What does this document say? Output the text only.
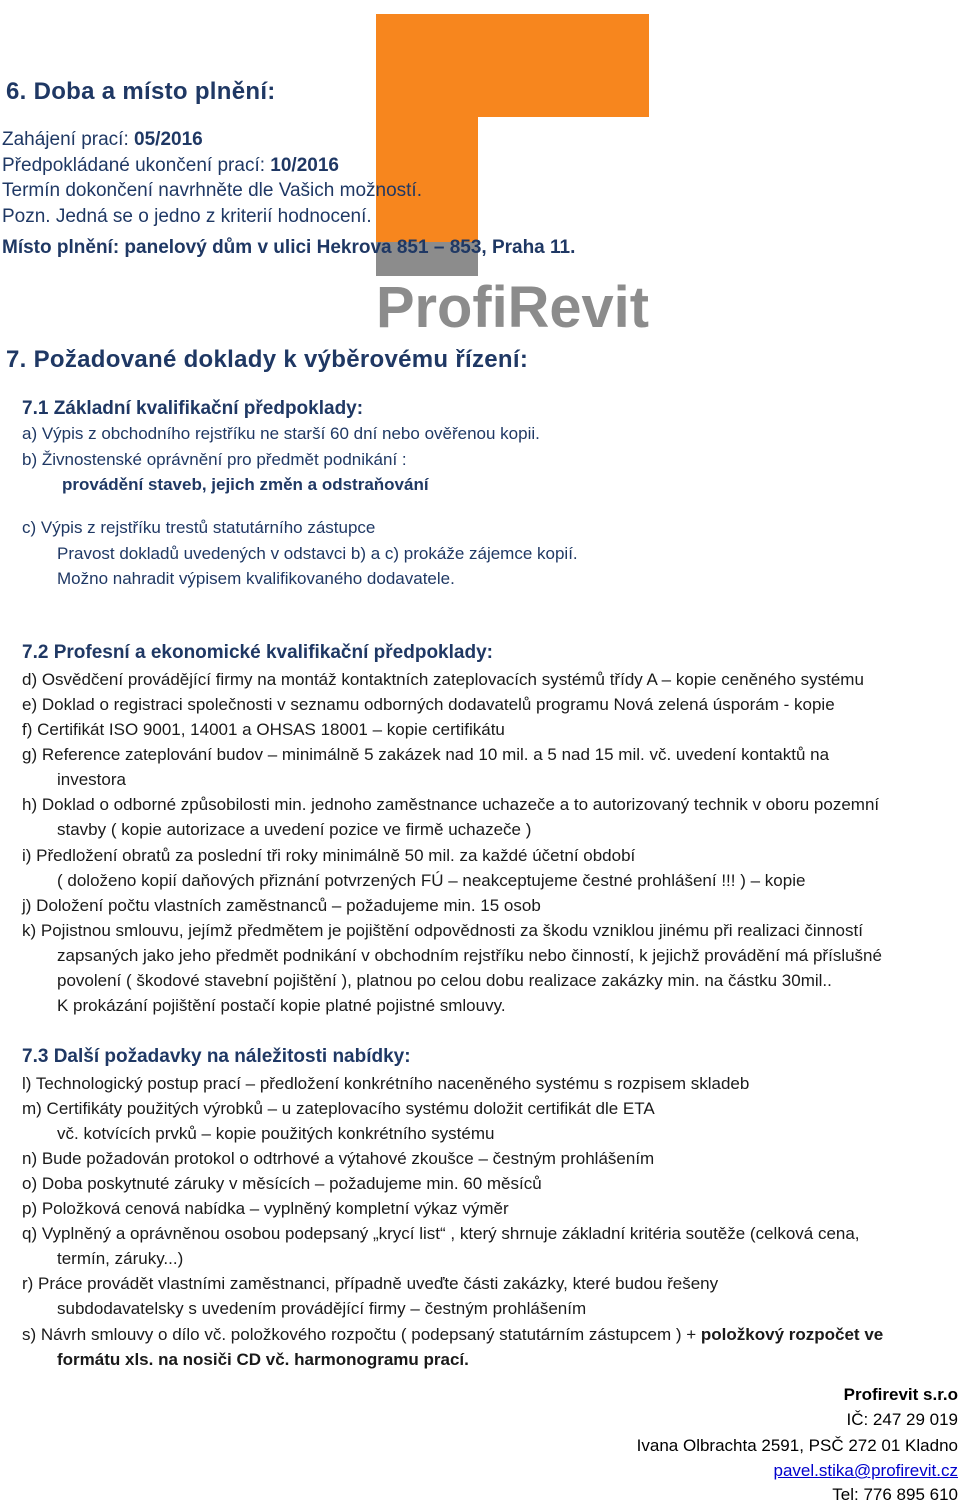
ProfiRevit
6. Doba a místo plnění:
Zahájení prací: 05/2016
Předpokládané ukončení prací: 10/2016
Termín dokončení navrhněte dle Vašich možností.
Pozn. Jedná se o jedno z kriterií hodnocení.
Místo plnění: panelový dům v ulici Hekrova 851 – 853, Praha 11.
7. Požadované doklady k výběrovému řízení:
7.1 Základní kvalifikační předpoklady:
a) Výpis z obchodního rejstříku ne starší 60 dní nebo ověřenou kopii.
b) Živnostenské oprávnění pro předmět podnikání :
provádění staveb, jejich změn a odstraňování
c) Výpis z rejstříku trestů statutárního zástupce
Pravost dokladů uvedených v odstavci b) a c) prokáže zájemce kopií.
Možno nahradit výpisem kvalifikovaného dodavatele.
7.2 Profesní a ekonomické kvalifikační předpoklady:
d) Osvědčení provádějící firmy na montáž kontaktních zateplovacích systémů třídy A – kopie ceněného systému
e) Doklad o registraci společnosti v seznamu odborných dodavatelů programu Nová zelená úsporám - kopie
f) Certifikát ISO 9001, 14001 a OHSAS 18001 – kopie certifikátu
g) Reference zateplování budov – minimálně 5 zakázek nad 10 mil. a 5 nad 15 mil. vč. uvedení kontaktů na
investora
h) Doklad o odborné způsobilosti min. jednoho zaměstnance uchazeče a to autorizovaný technik v oboru pozemní
stavby ( kopie autorizace a uvedení pozice ve firmě uchazeče )
i) Předložení obratů za poslední tři roky minimálně 50 mil. za každé účetní období
( doloženo kopií daňových přiznání potvrzených FÚ – neakceptujeme čestné prohlášení !!! ) – kopie
j) Doložení počtu vlastních zaměstnanců – požadujeme min. 15 osob
k) Pojistnou smlouvu, jejímž předmětem je pojištění odpovědnosti za škodu vzniklou jinému při realizaci činností
zapsaných jako jeho předmět podnikání v obchodním rejstříku nebo činností, k jejichž provádění má příslušné
povolení ( škodové stavební pojištění ), platnou po celou dobu realizace zakázky min. na částku 30mil..
K prokázání pojištění postačí kopie platné pojistné smlouvy.
7.3 Další požadavky na náležitosti nabídky:
l) Technologický postup prací – předložení konkrétního naceněného systému s rozpisem skladeb
m) Certifikáty použitých výrobků – u zateplovacího systému doložit certifikát dle ETA
vč. kotvících prvků – kopie použitých konkrétního systému
n) Bude požadován protokol o odtrhové a výtahové zkoušce – čestným prohlášením
o) Doba poskytnuté záruky v měsících – požadujeme min. 60 měsíců
p) Položková cenová nabídka – vyplněný kompletní výkaz výměr
q) Vyplněný a oprávněnou osobou podepsaný „krycí list“ , který shrnuje základní kritéria soutěže (celková cena,
termín, záruky...)
r) Práce provádět vlastními zaměstnanci, případně uveďte části zakázky, které budou řešeny
subdodavatelsky s uvedením provádějící firmy – čestným prohlášením
s) Návrh smlouvy o dílo vč. položkového rozpočtu ( podepsaný statutárním zástupcem ) + položkový rozpočet ve
formátu xls. na nosiči CD vč. harmonogramu prací.
Profirevit s.r.o
IČ: 247 29 019
Ivana Olbrachta 2591, PSČ 272 01 Kladno
pavel.stika@profirevit.cz
Tel: 776 895 610
